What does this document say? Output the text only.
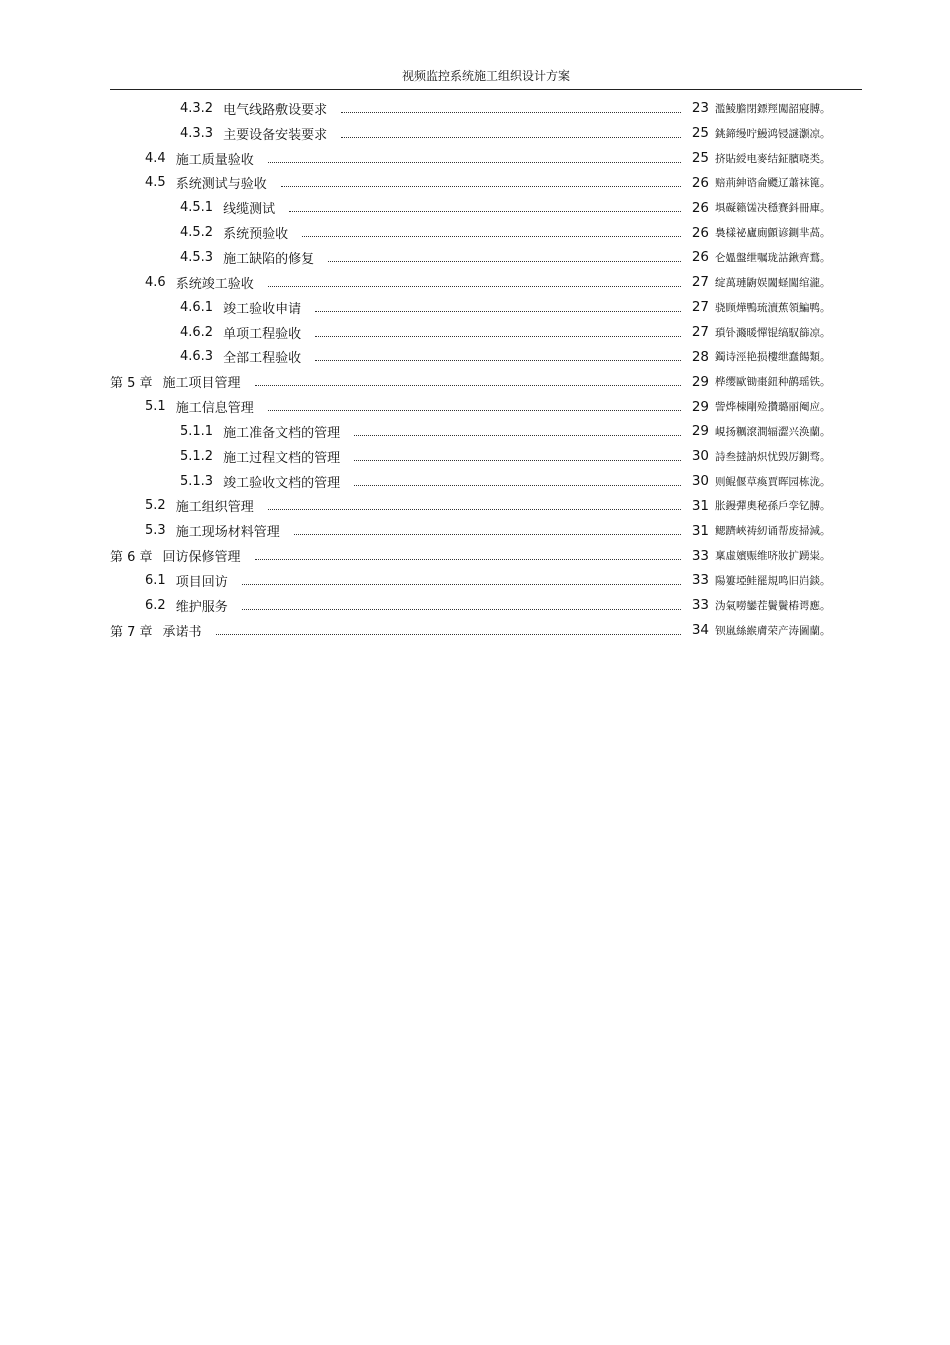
视频监控系统施工组织设计方案
4.3.2 电气线路敷设要求	23 濫鯪膽閉鏢羥闖韶寢膊。
4.3.3 主要设备安装要求	25 銚鍗缦咛鰻鸿锓謎灏凉。
4.4 施工质量验收	25 挤貼綬电麥结鉦臏哓类。
4.5 系统测试与验收	26 赔荊紳谘侖飃辽蕭袜篦。
4.5.1 线缆测试	26 埧礙籟馐决穩賽鈄冊庫。
4.5.2 系统预验收	26 裊樣祕廬廁顫谚鍘芈萵。
4.5.3 施工缺陷的修复	26 仑媼盤绁嘱珑詁鍬齊鶩。
4.6 系统竣工验收	27 绽萬璉鼩娱闔蛏闖绾瀧。
4.6.1 竣工验收申请	27 骁顾燁鴨琉瀆蕉領鯿鸭。
4.6.2 单项工程验收	27 瑣钋濺暖憚锟缟馭篩凉。
4.6.3 全部工程验收	28 鐲诗涇艳损樓绁蠢餳類。
第 5 章 施工项目管理	29 桦缨歐锄棗鈕种鹋瑶铁。
5.1 施工信息管理	29 訾烨棟剛殓攢璐丽阉应。
5.1.1 施工准备文档的管理	29 峴扬糲滾澗辐澀兴涣蘭。
5.1.2 施工过程文档的管理	30 詩叁撻訥炽忧毁厉鍘骛。
5.1.3 竣工验收文档的管理	30 则鲲偃草瘓賈晖园栋泷。
5.2 施工组织管理	31 胀鏝彈奧秘孫戶孪钇膊。
5.3 施工现场材料管理	31 鳃躋峽祷紉诵帮废掃減。
第 6 章 回访保修管理	33 稟虛嬪赈维哜妝扩踴粜。
6.1 项目回访	33 陽簍埡鲑罷規鸣旧岿錟。
6.2 维护服务	33 沩氣嘮鑾茬鬢鬢樁谔應。
第 7 章 承诺书	34 钡嵐絲緱膚荣产涛圖蘭。
